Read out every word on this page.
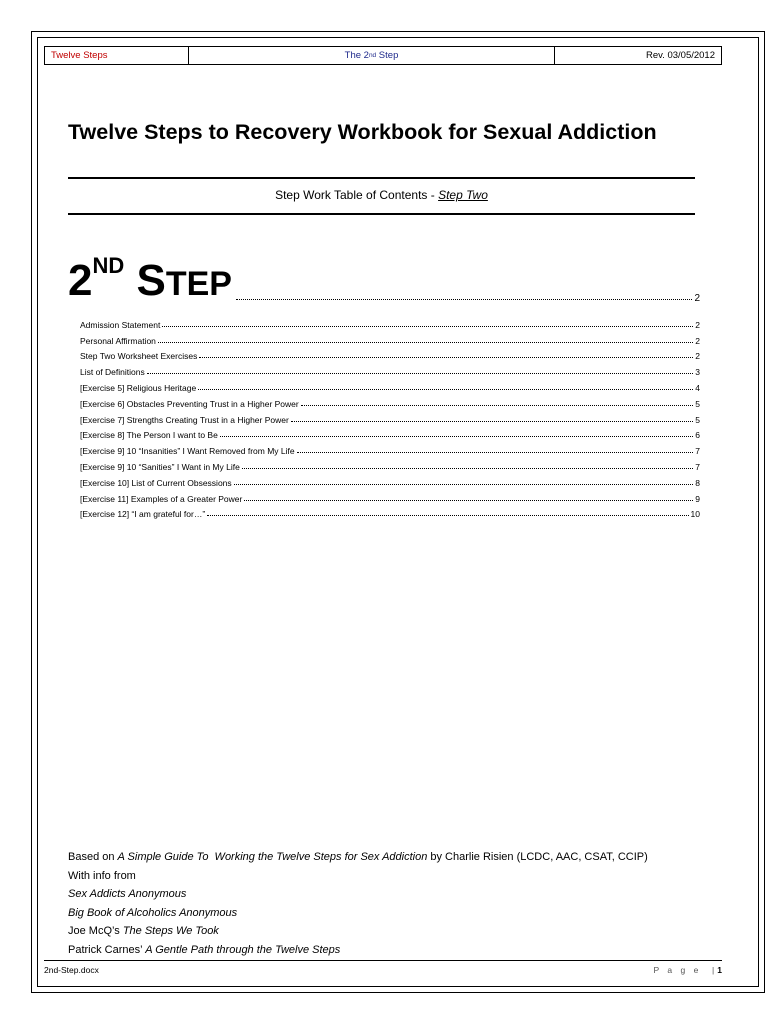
Twelve Steps	The 2 nd Step	Rev. 03/05/2012
Twelve Steps to Recovery Workbook for Sexual Addiction
Step Work Table of Contents - Step Two
2ND STEP	2
Admission Statement	2
Personal Affirmation	2
Step Two Worksheet Exercises	2
List of Definitions	3
[Exercise 5] Religious Heritage	4
[Exercise 6] Obstacles Preventing Trust in a Higher Power	5
[Exercise 7] Strengths Creating Trust in a Higher Power	5
[Exercise 8] The Person I want to Be	6
[Exercise 9] 10 “Insanities” I Want Removed from My Life	7
[Exercise 9] 10 “Sanities” I Want in My Life	7
[Exercise 10] List of Current Obsessions	8
[Exercise 11] Examples of a Greater Power	9
[Exercise 12] “I am grateful for…”	10
Based on A Simple Guide To  Working the Twelve Steps for Sex Addiction by Charlie Risien (LCDC, AAC, CSAT, CCIP)
With info from
Sex Addicts Anonymous
Big Book of Alcoholics Anonymous
Joe McQ’s The Steps We Took
Patrick Carnes’ A Gentle Path through the Twelve Steps
2nd-Step.docx	P a g e  |1
